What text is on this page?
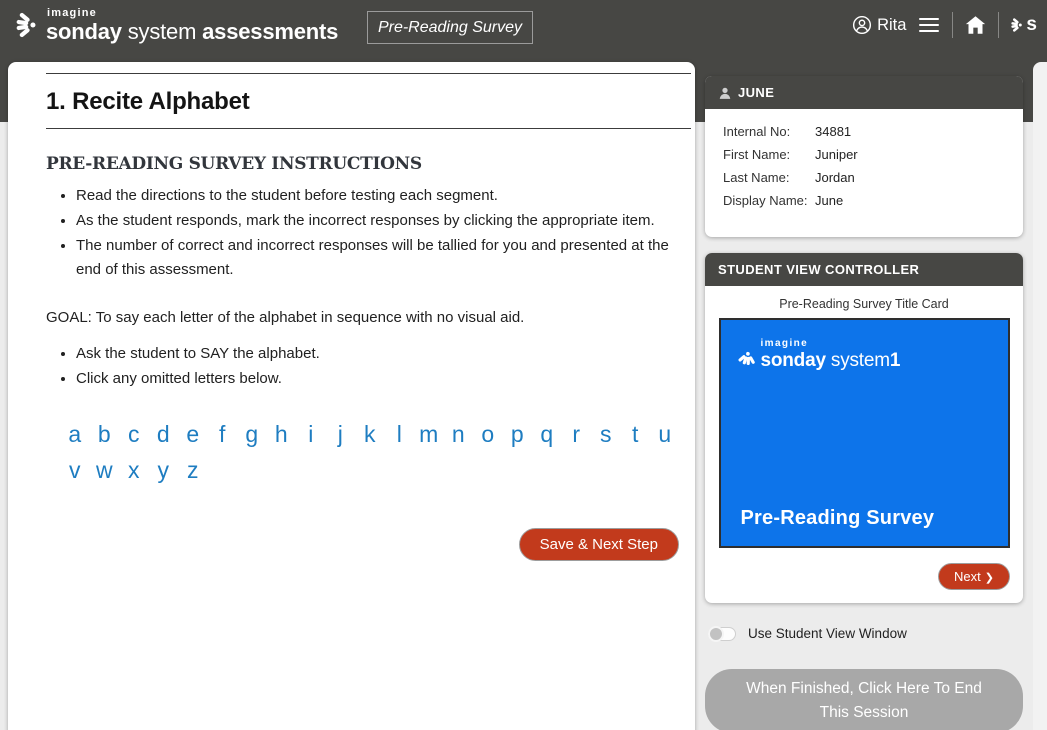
imagine
sonday system assessments	Pre-Reading Survey	Rita	s
1. Recite Alphabet
PRE-READING SURVEY INSTRUCTIONS
• Read the directions to the student before testing each segment.
• As the student responds, mark the incorrect responses by clicking the appropriate item.
• The number of correct and incorrect responses will be tallied for you and presented at the end of this assessment.

GOAL: To say each letter of the alphabet in sequence with no visual aid.

• Ask the student to SAY the alphabet.
• Click any omitted letters below.
a b c d e f g h i j k l m n o p q r s t uv w x y z
Save & Next Step
JUNE
Internal No:	34881
First Name:	Juniper
Last Name:	Jordan
Display Name: June
STUDENT VIEW CONTROLLER
Pre-Reading Survey Title Card
imagine
sonday system1
Pre-Reading Survey
Next ❯
Use Student View Window
When Finished, Click Here To End This Session
